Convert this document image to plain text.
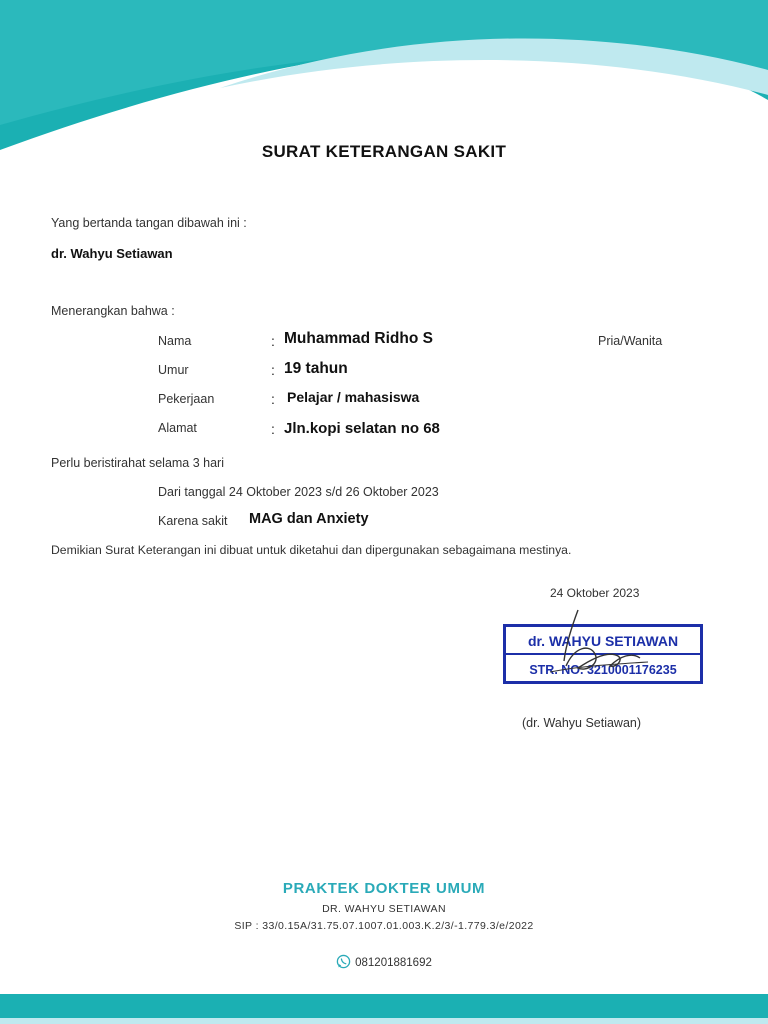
SURAT KETERANGAN SAKIT
Yang bertanda tangan dibawah ini :
dr. Wahyu Setiawan
Menerangkan bahwa :
Nama	: Muhammad Ridho S	Pria/Wanita
Umur	: 19 tahun
Pekerjaan	: Pelajar / mahasiswa
Alamat	: Jln.kopi selatan no 68
Perlu beristirahat selama 3 hari
Dari tanggal 24 Oktober 2023 s/d 26 Oktober 2023
Karena sakit MAG dan Anxiety
Demikian Surat Keterangan ini dibuat untuk diketahui dan dipergunakan sebagaimana mestinya.
24 Oktober 2023
dr. WAHYU SETIAWAN
STR. NO. 3210001176235
(dr. Wahyu Setiawan)
PRAKTEK DOKTER UMUM
DR. WAHYU SETIAWAN
SIP : 33/0.15A/31.75.07.1007.01.003.K.2/3/-1.779.3/e/2022
081201881692
